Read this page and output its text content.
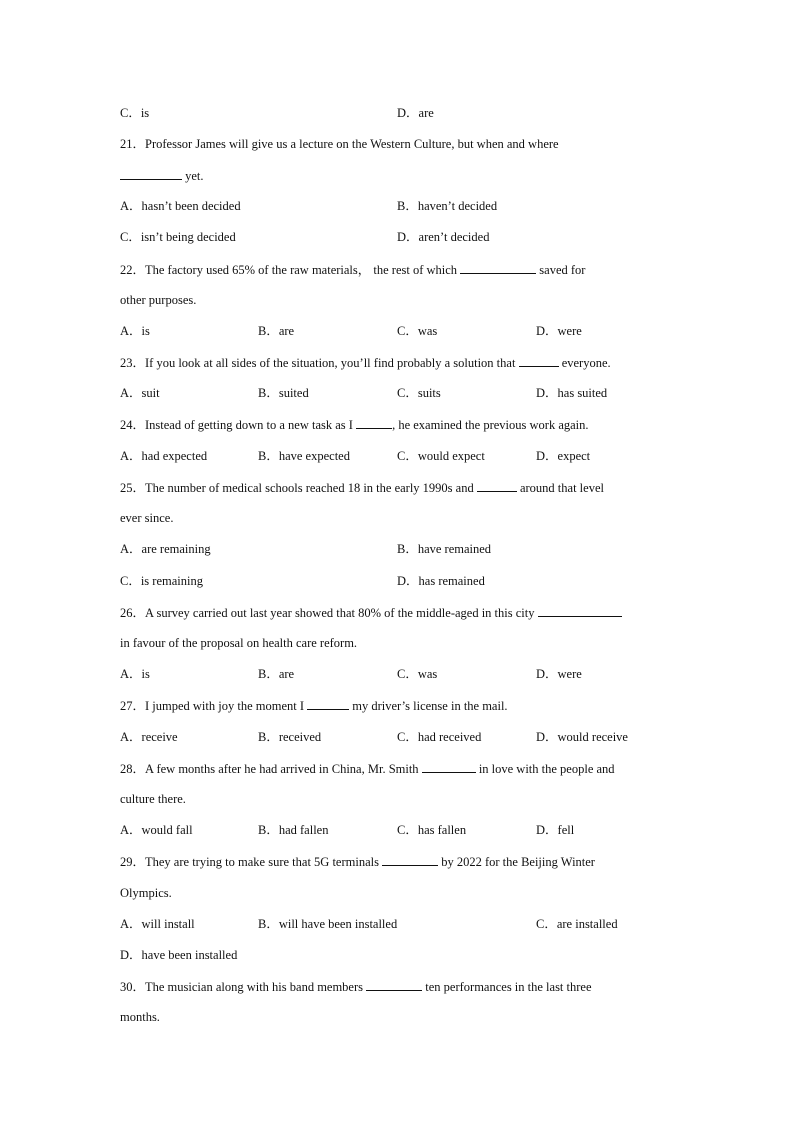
C．is	D．are
21．Professor James will give us a lecture on the Western Culture, but when and where
yet.
A．hasn’t been decided	B．haven’t decided
C．isn’t being decided	D．aren’t decided
22．The factory used 65% of the raw materials， the rest of which	saved for
other purposes.
A．is	B．are	C．was	D．were
23．If you look at all sides of the situation, you’ll find probably a solution that	everyone.
A．suit	B．suited	C．suits	D．has suited
24．Instead of getting down to a new task as I	, he examined the previous work again.
A．had expected	B．have expected	C．would expect	D．expect
25．The number of medical schools reached 18 in the early 1990s and	around that level
ever since.
A．are remaining	B．have remained
C．is remaining	D．has remained
26．A survey carried out last year showed that 80% of the middle-aged in this city
in favour of the proposal on health care reform.
A．is	B．are	C．was	D．were
27．I jumped with joy the moment I	my driver’s license in the mail.
A．receive	B．received	C．had received	D．would receive
28．A few months after he had arrived in China, Mr. Smith	in love with the people and
culture there.
A．would fall	B．had fallen	C．has fallen	D．fell
29．They are trying to make sure that 5G terminals	by 2022 for the Beijing Winter
Olympics.
A．will install	B．will have been installed	C．are installed
D．have been installed
30．The musician along with his band members	ten performances in the last three
months.
